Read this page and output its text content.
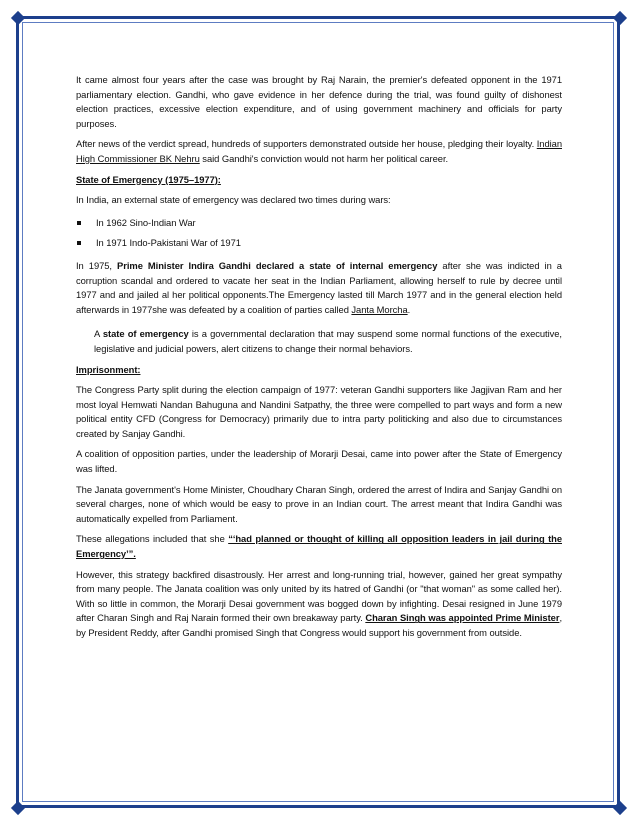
It came almost four years after the case was brought by Raj Narain, the premier's defeated opponent in the 1971 parliamentary election. Gandhi, who gave evidence in her defence during the trial, was found guilty of dishonest election practices, excessive election expenditure, and of using government machinery and officials for party purposes.

After news of the verdict spread, hundreds of supporters demonstrated outside her house, pledging their loyalty. Indian High Commissioner BK Nehru said Gandhi's conviction would not harm her political career.

State of Emergency (1975–1977):

In India, an external state of emergency was declared two times during wars:

In 1962 Sino-Indian War
In 1971 Indo-Pakistani War of 1971

In 1975, Prime Minister Indira Gandhi declared a state of internal emergency after she was indicted in a corruption scandal and ordered to vacate her seat in the Indian Parliament, allowing herself to rule by decree until 1977 and and jailed al her political opponents.The Emergency lasted till March 1977 and in the general election held afterwards in 1977she was defeated by a coalition of parties called Janta Morcha.

A state of emergency is a governmental declaration that may suspend some normal functions of the executive, legislative and judicial powers, alert citizens to change their normal behaviors.

Imprisonment:

The Congress Party split during the election campaign of 1977: veteran Gandhi supporters like Jagjivan Ram and her most loyal Hemwati Nandan Bahuguna and Nandini Satpathy, the three were compelled to part ways and form a new political entity CFD (Congress for Democracy) primarily due to intra party politicking and also due to circumstances created by Sanjay Gandhi.

A coalition of opposition parties, under the leadership of Morarji Desai, came into power after the State of Emergency was lifted.

The Janata government's Home Minister, Choudhary Charan Singh, ordered the arrest of Indira and Sanjay Gandhi on several charges, none of which would be easy to prove in an Indian court. The arrest meant that Indira Gandhi was automatically expelled from Parliament.

These allegations included that she “‘had planned or thought of killing all opposition leaders in jail during the Emergency’”.

However, this strategy backfired disastrously. Her arrest and long-running trial, however, gained her great sympathy from many people. The Janata coalition was only united by its hatred of Gandhi (or "that woman" as some called her). With so little in common, the Morarji Desai government was bogged down by infighting. Desai resigned in June 1979 after Charan Singh and Raj Narain formed their own breakaway party. Charan Singh was appointed Prime Minister, by President Reddy, after Gandhi promised Singh that Congress would support his government from outside.
